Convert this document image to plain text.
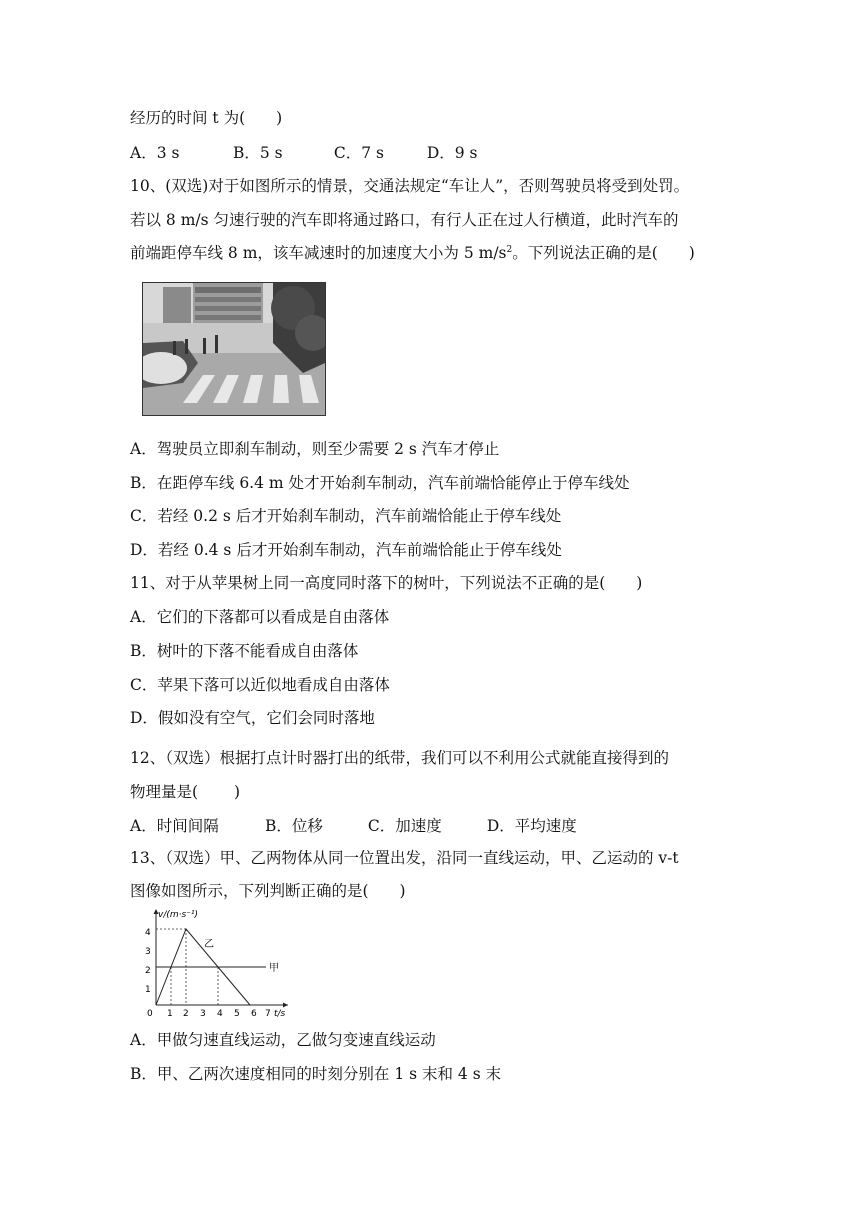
经历的时间 t 为(　　)
A．3 s	B．5 s	C．7 s	D．9 s
10、(双选)对于如图所示的情景，交通法规定“车让人”，否则驾驶员将受到处罚。
若以 8 m/s 匀速行驶的汽车即将通过路口，有行人正在过人行横道，此时汽车的
前端距停车线 8 m，该车减速时的加速度大小为 5 $m/s^2$。下列说法正确的是(　　)
A．驾驶员立即刹车制动，则至少需要 2 s 汽车才停止
B．在距停车线 6.4 m 处才开始刹车制动，汽车前端恰能停止于停车线处
C．若经 0.2 s 后才开始刹车制动，汽车前端恰能止于停车线处
D．若经 0.4 s 后才开始刹车制动，汽车前端恰能止于停车线处
11、对于从苹果树上同一高度同时落下的树叶，下列说法不正确的是(　　)
A．它们的下落都可以看成是自由落体
B．树叶的下落不能看成自由落体
C．苹果下落可以近似地看成自由落体
D．假如没有空气，它们会同时落地
12、（双选）根据打点计时器打出的纸带，我们可以不利用公式就能直接得到的
物理量是(　　 )
A．时间间隔	B．位移	C．加速度	D．平均速度
13、（双选）甲、乙两物体从同一位置出发，沿同一直线运动，甲、乙运动的 v-t
图像如图所示，下列判断正确的是(　　)
v/(m·s⁻¹)
t/s
1
2
3
4
0 1 2 3 4 5 6 7
甲
乙
A．甲做匀速直线运动，乙做匀变速直线运动
B．甲、乙两次速度相同的时刻分别在 1 s 末和 4 s 末
